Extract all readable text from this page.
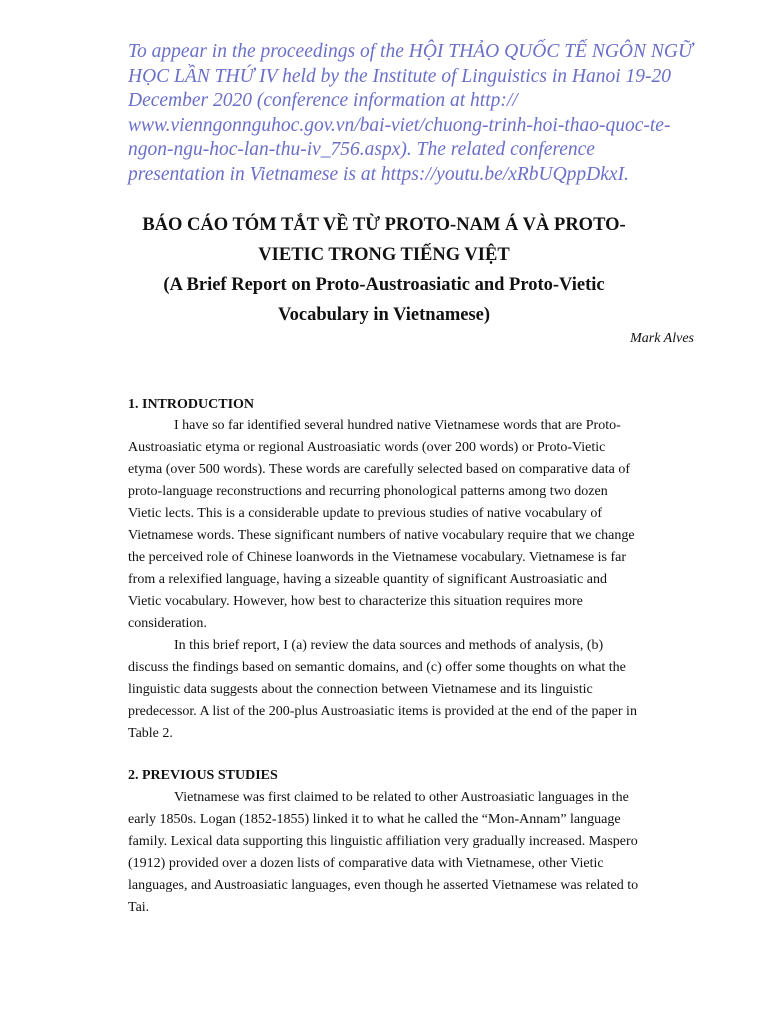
To appear in the proceedings of the HỘI THẢO QUỐC TẾ NGÔN NGỮ
HỌC LẦN THỨ IV held by the Institute of Linguistics in Hanoi 19-20
December 2020 (conference information at http://
www.vienngonnguhoc.gov.vn/bai-viet/chuong-trinh-hoi-thao-quoc-te-
ngon-ngu-hoc-lan-thu-iv_756.aspx). The related conference
presentation in Vietnamese is at https://youtu.be/xRbUQppDkxI.
BÁO CÁO TÓM TẮT VỀ TỪ PROTO-NAM Á VÀ PROTO-
VIETIC TRONG TIẾNG VIỆT
(A Brief Report on Proto-Austroasiatic and Proto-Vietic
Vocabulary in Vietnamese)
Mark Alves
1. INTRODUCTION
I have so far identified several hundred native Vietnamese words that are Proto-
Austroasiatic etyma or regional Austroasiatic words (over 200 words) or Proto-Vietic
etyma (over 500 words). These words are carefully selected based on comparative data of
proto-language reconstructions and recurring phonological patterns among two dozen
Vietic lects. This is a considerable update to previous studies of native vocabulary of
Vietnamese words. These significant numbers of native vocabulary require that we change
the perceived role of Chinese loanwords in the Vietnamese vocabulary. Vietnamese is far
from a relexified language, having a sizeable quantity of significant Austroasiatic and
Vietic vocabulary. However, how best to characterize this situation requires more
consideration.
In this brief report, I (a) review the data sources and methods of analysis, (b)
discuss the findings based on semantic domains, and (c) offer some thoughts on what the
linguistic data suggests about the connection between Vietnamese and its linguistic
predecessor. A list of the 200-plus Austroasiatic items is provided at the end of the paper in
Table 2.
2. PREVIOUS STUDIES
Vietnamese was first claimed to be related to other Austroasiatic languages in the
early 1850s. Logan (1852-1855) linked it to what he called the “Mon-Annam” language
family. Lexical data supporting this linguistic affiliation very gradually increased. Maspero
(1912) provided over a dozen lists of comparative data with Vietnamese, other Vietic
languages, and Austroasiatic languages, even though he asserted Vietnamese was related to
Tai.
